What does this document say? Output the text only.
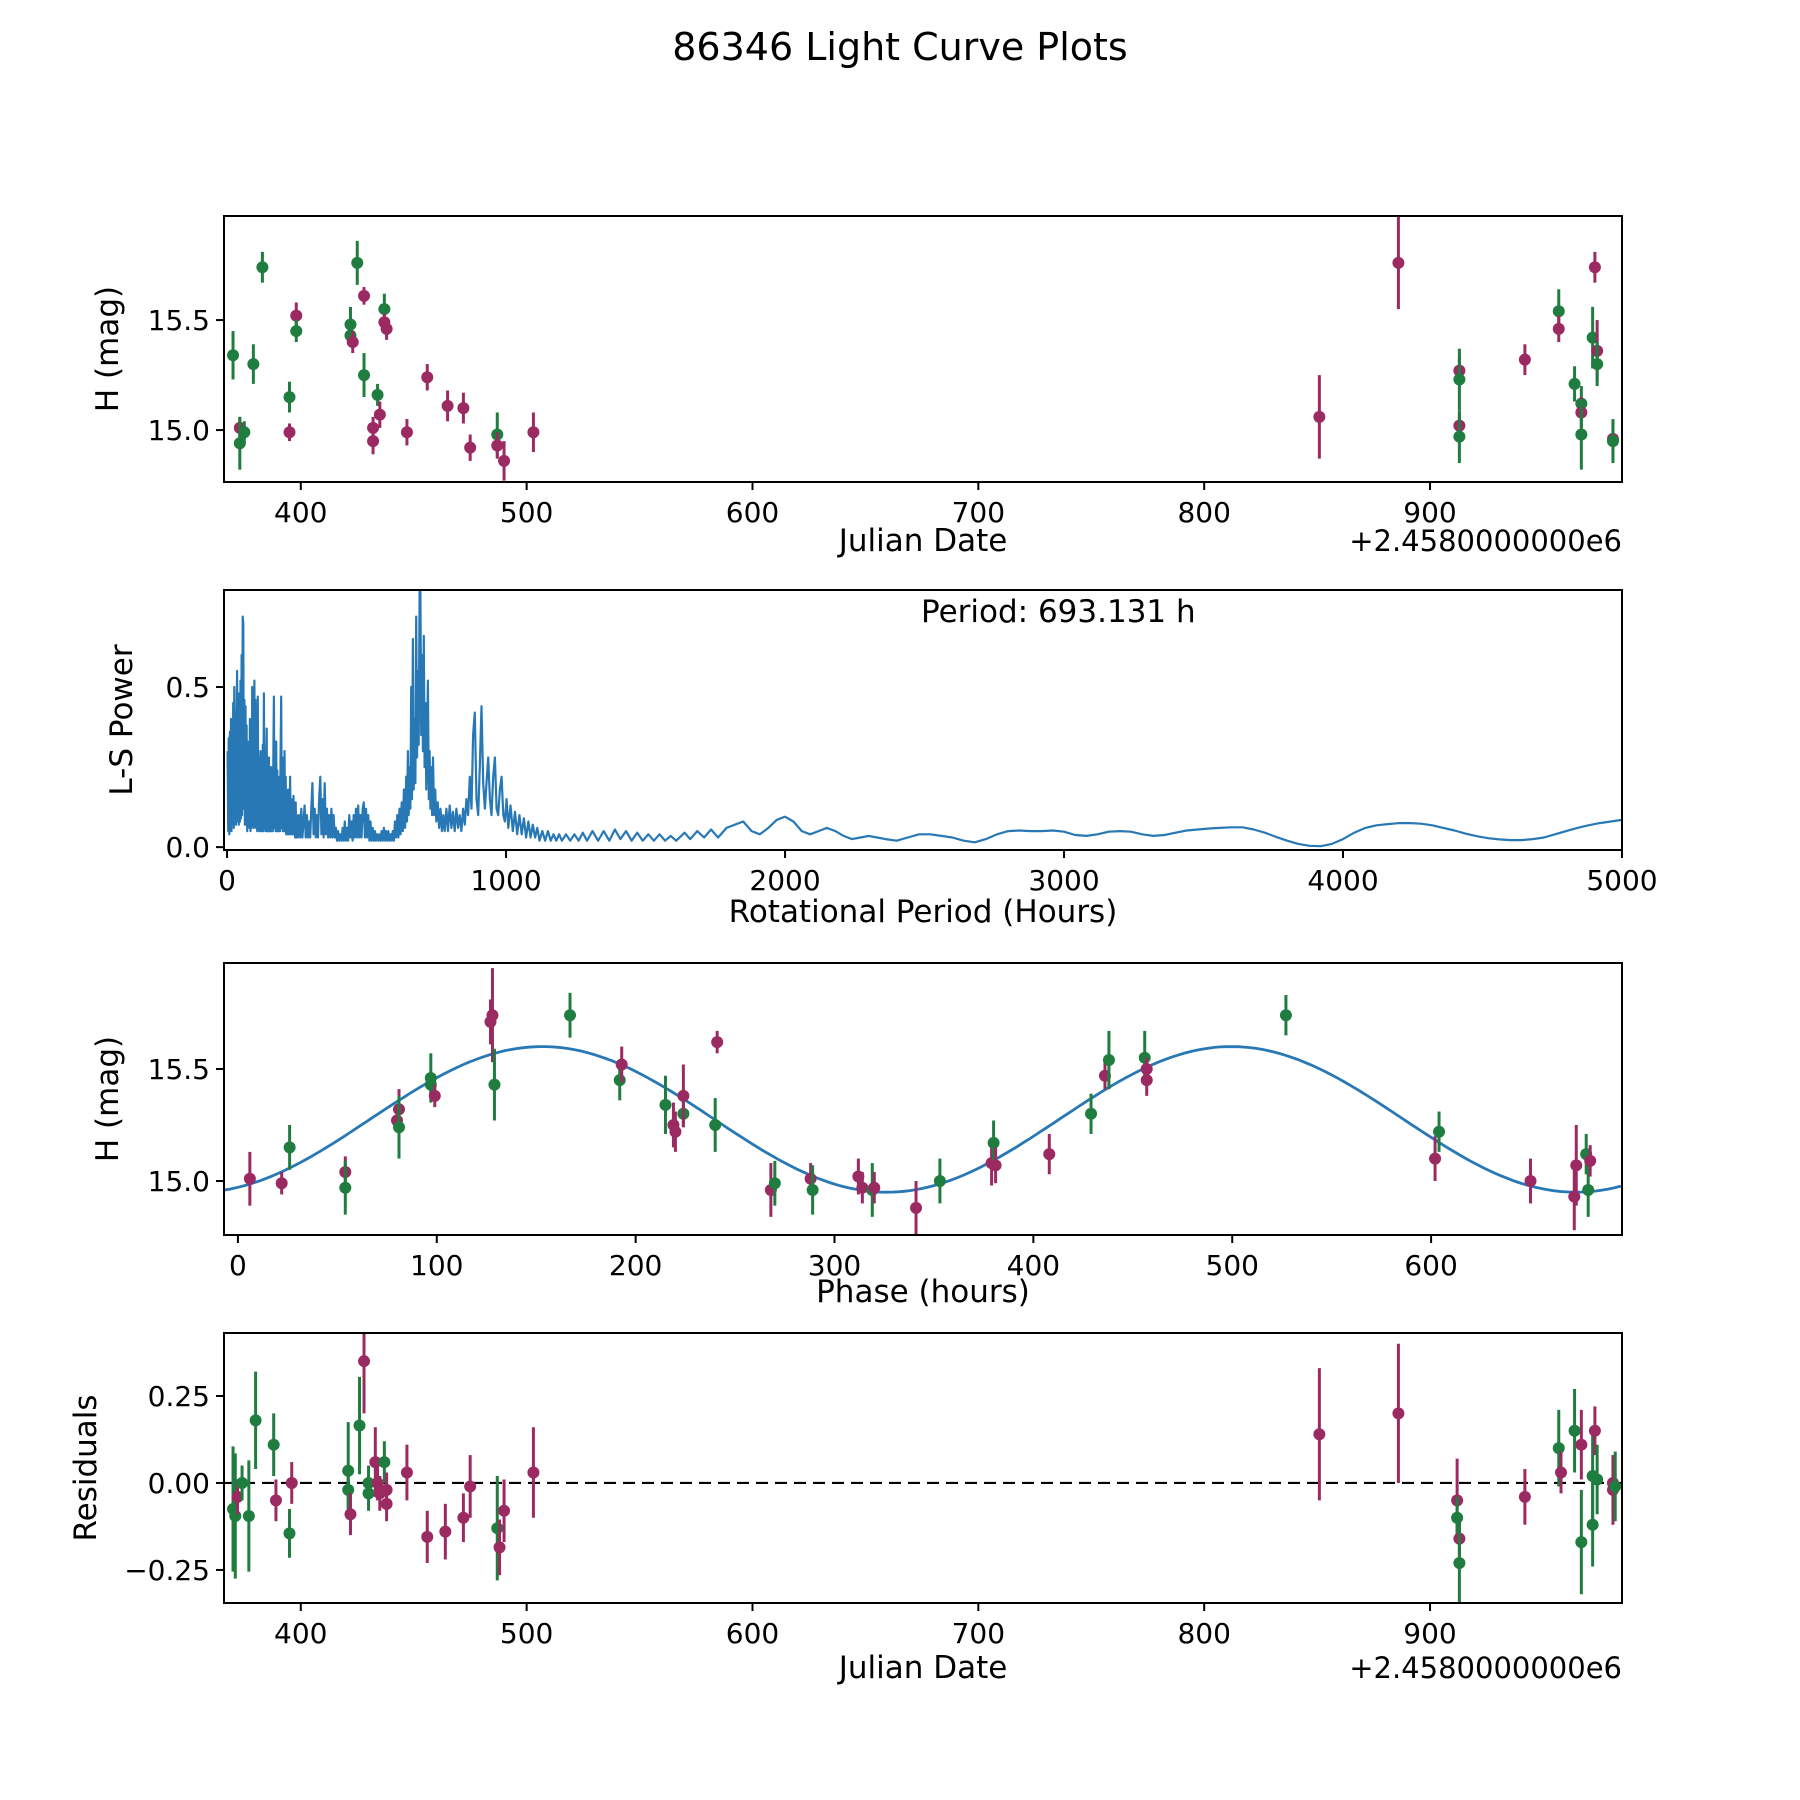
86346 Light Curve Plots
H (mag)
Julian Date	+2.4580000000e6
400	500	600	700	800	900
15.0
15.5
L-S Power
Rotational Period (Hours)
Period: 693.131 h
0	1000	2000	3000	4000	5000
0.0
0.5
H (mag)
Phase (hours)
0	100	200	300	400	500	600
15.0
15.5
Residuals
Julian Date	+2.4580000000e6
400	500	600	700	800	900
−0.25
0.00
0.25
